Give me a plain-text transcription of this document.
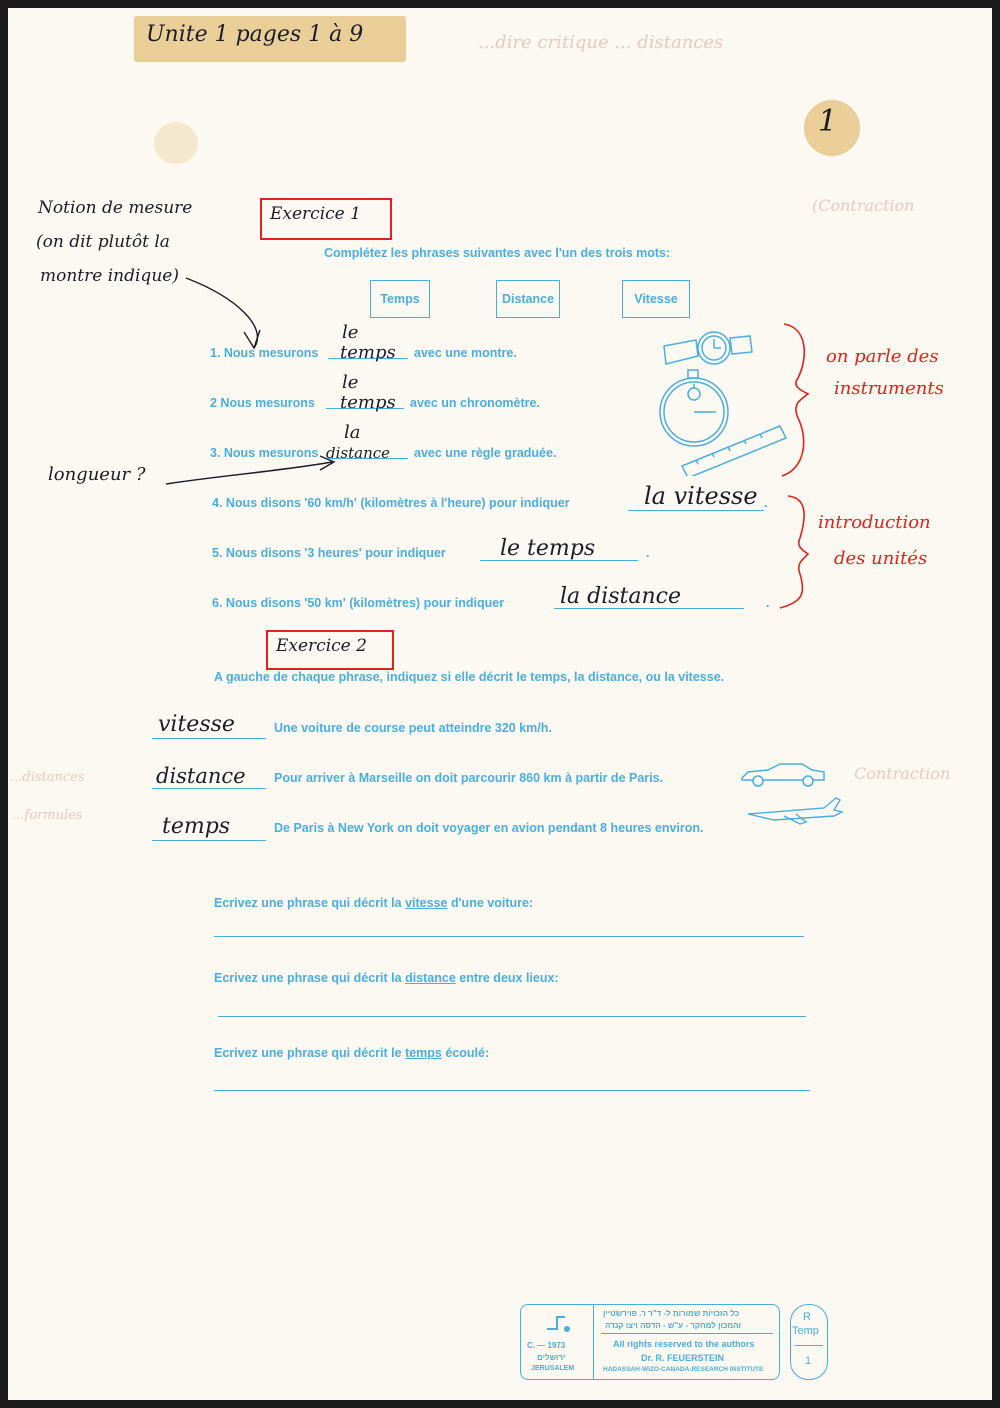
Unite 1 pages 1 à 9	...dire critique ... distances
1
Notion de mesure
(on dit plutôt la
montre indique)
longueur ?
...distances
...formules
on parle des
instruments
introduction
des unités
(Contraction
Contraction
Exercice 1
Complétez les phrases suivantes avec l'un des trois mots:
Temps	Distance	Vitesse
1. Nous mesurons
le
temps avec une montre.
2 Nous mesurons
le
temps avec un chronomètre.
3. Nous mesurons
la
distance avec une règle graduée.
4. Nous disons '60 km/h' (kilomètres à l'heure) pour indiquer	la vitesse .
5. Nous disons '3 heures' pour indiquer le temps	.
6. Nous disons '50 km' (kilomètres) pour indiquer	la distance	.
Exercice 2
A gauche de chaque phrase, indiquez si elle décrit le temps, la distance, ou la vitesse.
vitesse	Une voiture de course peut atteindre 320 km/h.
distance Pour arriver à Marseille on doit parcourir 860 km à partir de Paris.
temps	De Paris à New York on doit voyager en avion pendant 8 heures environ.
Ecrivez une phrase qui décrit la vitesse d'une voiture:
Ecrivez une phrase qui décrit la distance entre deux lieux:
Ecrivez une phrase qui décrit le temps écoulé:
C. — 1973
ירושלים
JERUSALEM
כל הזכויות שמורות ל- ד"ר ר. פוירשטיין
והמכון למחקר - ע"ש - הדסה ויצו קנדה
All rights reserved to the authors
Dr. R. FEUERSTEIN
HADASSAH-WIZO-CANADA-RESEARCH INSTITUTE
R
Temp
1
